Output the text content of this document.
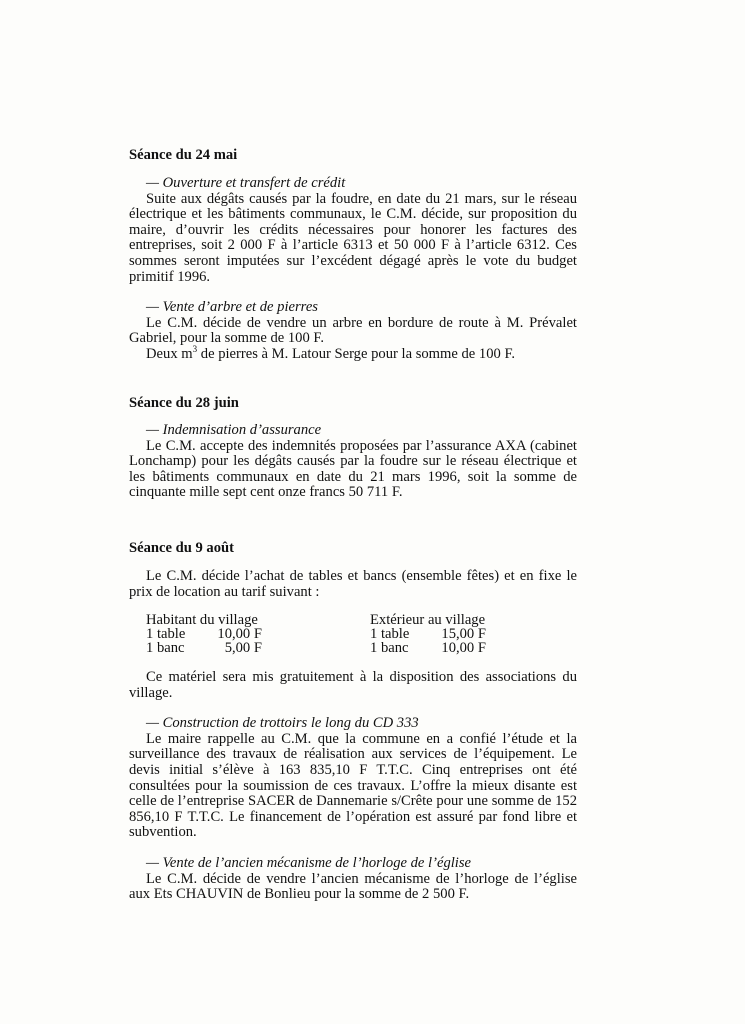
Séance du 24 mai
— Ouverture et transfert de crédit
Suite aux dégâts causés par la foudre, en date du 21 mars, sur le réseau électrique et les bâtiments communaux, le C.M. décide, sur proposition du maire, d’ouvrir les crédits nécessaires pour honorer les factures des entreprises, soit 2 000 F à l’article 6313 et 50 000 F à l’article 6312. Ces sommes seront imputées sur l’excédent dégagé après le vote du budget primitif 1996.
— Vente d’arbre et de pierres
Le C.M. décide de vendre un arbre en bordure de route à M. Prévalet Gabriel, pour la somme de 100 F.
Deux $m^3$ de pierres à M. Latour Serge pour la somme de 100 F.
Séance du 28 juin
— Indemnisation d’assurance
Le C.M. accepte des indemnités proposées par l’assurance AXA (cabinet Lonchamp) pour les dégâts causés par la foudre sur le réseau électrique et les bâtiments communaux en date du 21 mars 1996, soit la somme de cinquante mille sept cent onze francs 50 711 F.
Séance du 9 août
Le C.M. décide l’achat de tables et bancs (ensemble fêtes) et en fixe le prix de location au tarif suivant :
Habitant du village
1 table	10,00 F
1 banc	5,00 F
Extérieur au village
1 table	15,00 F
1 banc	10,00 F
Ce matériel sera mis gratuitement à la disposition des associations du village.
— Construction de trottoirs le long du CD 333
Le maire rappelle au C.M. que la commune en a confié l’étude et la surveillance des travaux de réalisation aux services de l’équipement. Le devis initial s’élève à 163 835,10 F T.T.C. Cinq entreprises ont été consultées pour la soumission de ces travaux. L’offre la mieux disante est celle de l’entreprise SACER de Dannemarie s/Crête pour une somme de 152 856,10 F T.T.C. Le financement de l’opération est assuré par fond libre et subvention.
— Vente de l’ancien mécanisme de l’horloge de l’église
Le C.M. décide de vendre l’ancien mécanisme de l’horloge de l’église aux Ets CHAUVIN de Bonlieu pour la somme de 2 500 F.
